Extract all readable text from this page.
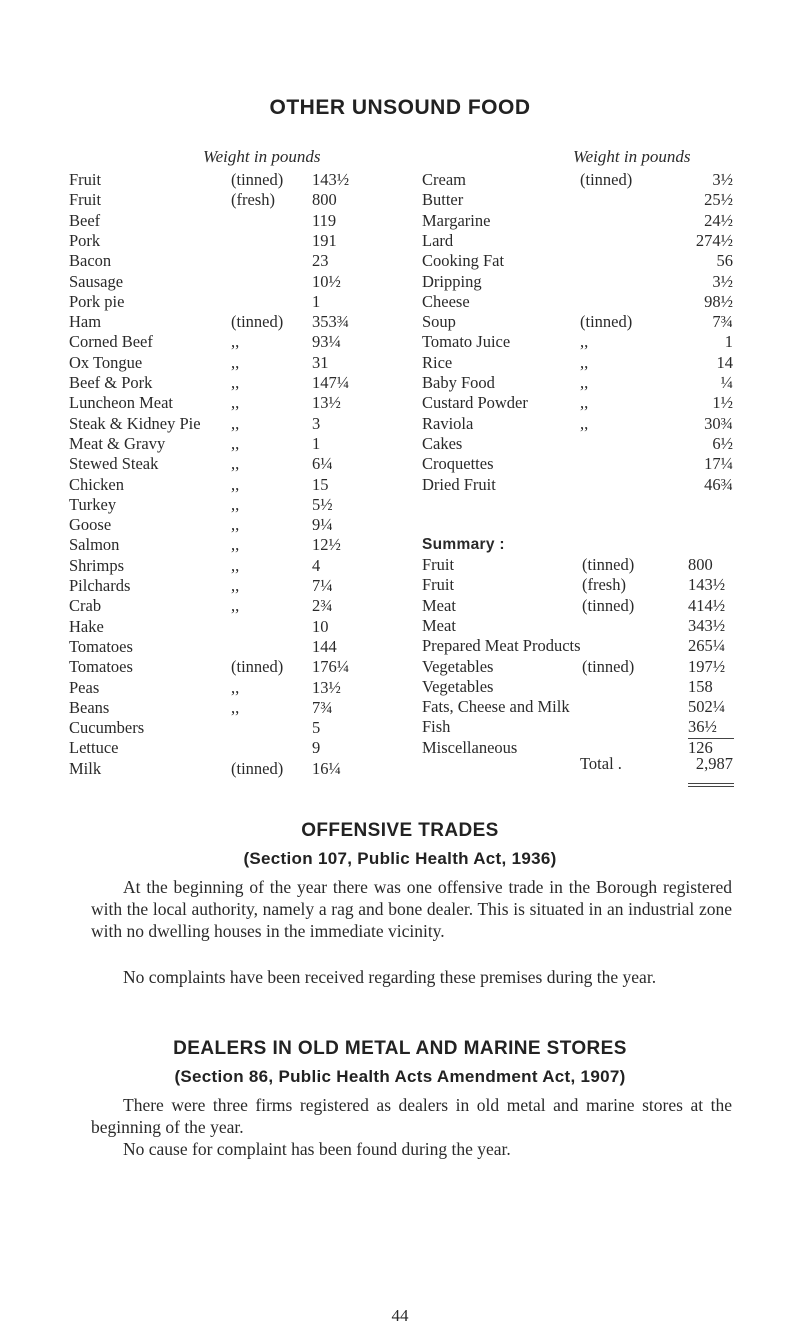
OTHER UNSOUND FOOD
Weight in pounds	Weight in pounds
Fruit	(tinned) 143½
Fruit	(fresh) 800
Beef	119
Pork	191
Bacon	23
Sausage	10½
Pork pie	1
Ham	(tinned) 353¾
Corned Beef	,,	93¼
Ox Tongue	,,	31
Beef & Pork	,,	147¼
Luncheon Meat	,,	13½
Steak & Kidney Pie ,,	3
Meat & Gravy	,,	1
Stewed Steak	,,	6¼
Chicken	,,	15
Turkey	,,	5½
Goose	,,	9¼
Salmon	,,	12½
Shrimps	,,	4
Pilchards	,,	7¼
Crab	,,	2¾
Hake	10
Tomatoes	144
Tomatoes	(tinned) 176¼
Peas	,,	13½
Beans	,,	7¾
Cucumbers	5
Lettuce	9
Milk	(tinned) 16¼
Cream	(tinned)	3½
Butter	25½
Margarine	24½
Lard	274½
Cooking Fat	56
Dripping	3½
Cheese	98½
Soup	(tinned)	7¾
Tomato Juice	,,	1
Rice	,,	14
Baby Food	,,	¼
Custard Powder	,,	1½
Raviola	,,	30¾
Cakes	6½
Croquettes	17¼
Dried Fruit	46¾
Summary :
Fruit	(tinned)	800
Fruit	(fresh)	143½
Meat	(tinned)	414½
Meat	343½
Prepared Meat Products	265¼
Vegetables	(tinned)	197½
Vegetables	158
Fats, Cheese and Milk	502¼
Fish	36½
Miscellaneous	126
Total .	2,987
OFFENSIVE TRADES
(Section 107, Public Health Act, 1936)
At the beginning of the year there was one offensive trade in the Borough registered with the local authority, namely a rag and bone dealer. This is situated in an industrial zone with no dwelling houses in the immediate vicinity.
No complaints have been received regarding these premises during the year.
DEALERS IN OLD METAL AND MARINE STORES
(Section 86, Public Health Acts Amendment Act, 1907)
There were three firms registered as dealers in old metal and marine stores at the beginning of the year.
No cause for complaint has been found during the year.
44
